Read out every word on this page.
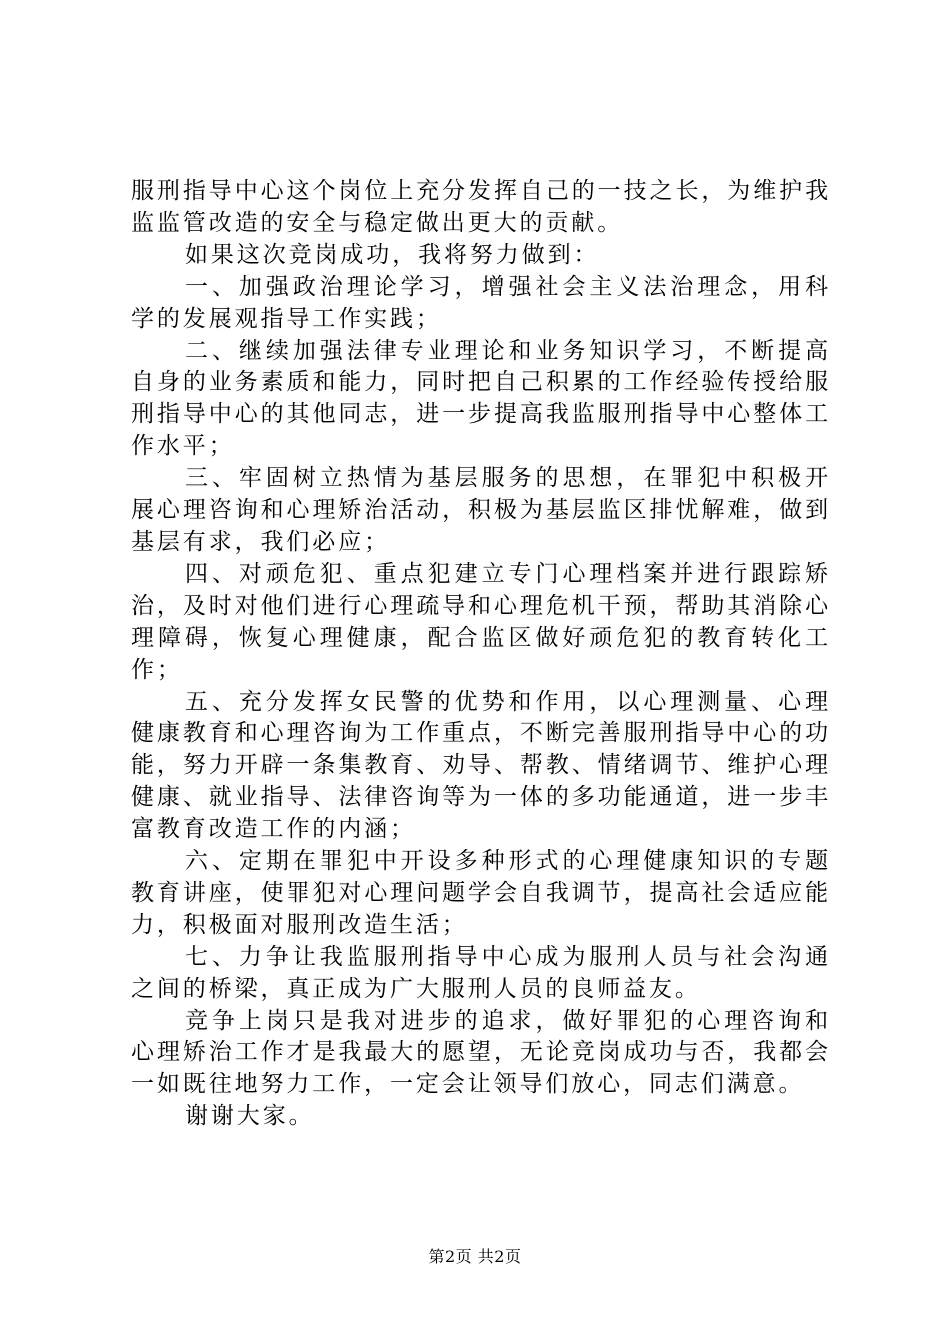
服刑指导中心这个岗位上充分发挥自己的一技之长，为维护我监监管改造的安全与稳定做出更大的贡献。

如果这次竞岗成功，我将努力做到：

一、加强政治理论学习，增强社会主义法治理念，用科学的发展观指导工作实践；

二、继续加强法律专业理论和业务知识学习，不断提高自身的业务素质和能力，同时把自己积累的工作经验传授给服刑指导中心的其他同志，进一步提高我监服刑指导中心整体工作水平；

三、牢固树立热情为基层服务的思想，在罪犯中积极开展心理咨询和心理矫治活动，积极为基层监区排忧解难，做到基层有求，我们必应；

四、对顽危犯、重点犯建立专门心理档案并进行跟踪矫治，及时对他们进行心理疏导和心理危机干预，帮助其消除心理障碍，恢复心理健康，配合监区做好顽危犯的教育转化工作；

五、充分发挥女民警的优势和作用，以心理测量、心理健康教育和心理咨询为工作重点，不断完善服刑指导中心的功能，努力开辟一条集教育、劝导、帮教、情绪调节、维护心理健康、就业指导、法律咨询等为一体的多功能通道，进一步丰富教育改造工作的内涵；

六、定期在罪犯中开设多种形式的心理健康知识的专题教育讲座，使罪犯对心理问题学会自我调节，提高社会适应能力，积极面对服刑改造生活；

七、力争让我监服刑指导中心成为服刑人员与社会沟通之间的桥梁，真正成为广大服刑人员的良师益友。

竞争上岗只是我对进步的追求，做好罪犯的心理咨询和心理矫治工作才是我最大的愿望，无论竞岗成功与否，我都会一如既往地努力工作，一定会让领导们放心，同志们满意。

谢谢大家。

第2页 共2页
